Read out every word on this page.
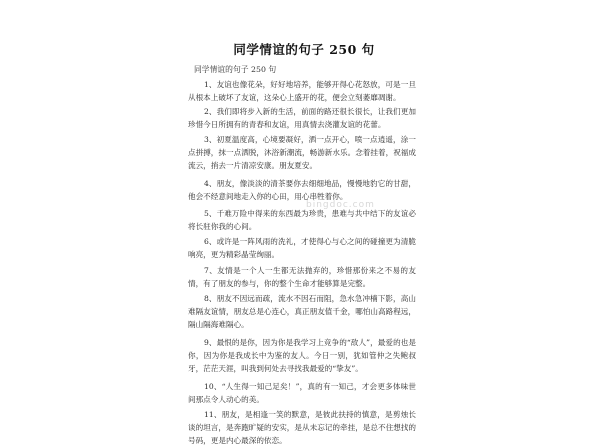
同学情谊的句子 250 句
同学情谊的句子 250 句

1、友谊也像花朵，好好地培养，能够开得心花怒放，可是一旦从根本上破坏了友谊，这朵心上盛开的花，便会立刻萎靡凋谢。

2、我们即将步入新的生活，前面的路还很长很长，让我们更加珍惜今日所拥有的青春和友谊，用真情去浇灌友谊的花蕾。

3、初夏温度高，心境要凝好，洒一点开心，喷一点逍遥，涂一点拼搏，抹一点洒脱，沐浴新潮流，畅游新水乐。念着挂着，祝福成流云，捎去一片清凉安康。朋友夏安。

4、朋友，像淡淡的清茶要你去细细地品，慢慢地豹它的甘甜，他会不经意间地走入你的心田，用心串牲着你。

5、千难万险中得来的东西最为珍贵，患难与共中结下的友谊必将长驻你我的心间。

6、或许是一阵风雨的洗礼，才使得心与心之间的碰撞更为清脆响亮，更为精彩晶莹绚丽。

7、友情是一个人一生都无法抛弃的，珍惜那份来之不易的友情，有了朋友的参与，你的整个生命才能够算是完整。

8、朋友不因远而疏，流水不因石而阻，急水急冲楠下影，高山难隔友谊情，朋友总是心连心，真正朋友值千金，哪怕山高路程远，隔山隔海难隔心。

9、最恨的是你，因为你是我学习上竞争的“敌人”，最爱的也是你，因为你是我成长中为鉴的友人。今日一别，犹如管仲之失鲍叔牙，茫茫天涯，叫我到何处去寻找我最爱的“挚友”。

10、“人生得一知己足矣！”，真的有一知己，才会更多体味世间那点令人动心的美。

11、朋友，是相逢一笑的默意，是彼此扶持的慎意，是剪烛长谈的坦言，是奔跑旷疑的安实，是从未忘记的牵挂，是总不住想找的号码，更是内心最深的依恋。

bingdoc.com
